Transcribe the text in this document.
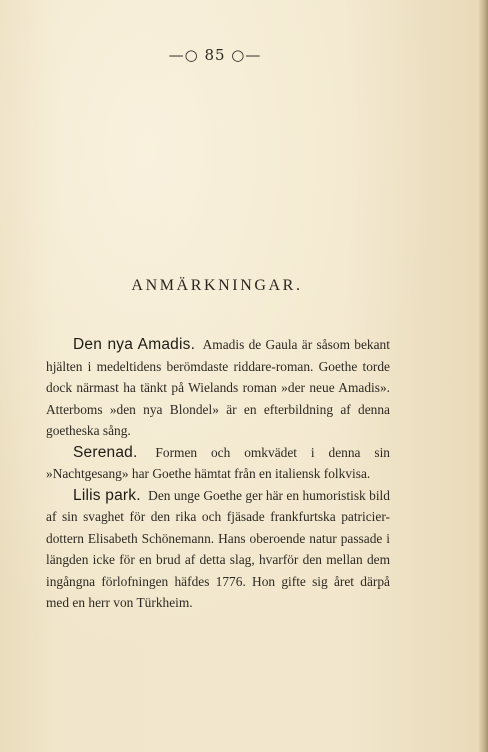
—○ 85 ○—
ANMÄRKNINGAR.

Den nya Amadis. Amadis de Gaula är såsom bekant hjälten i medeltidens berömdaste riddare-roman. Goethe torde dock närmast ha tänkt på Wielands roman »der neue Amadis». Atterboms »den nya Blondel» är en efterbildning af denna goetheska sång.

Serenad. Formen och omkvädet i denna sin »Nachtgesang» har Goethe hämtat från en italiensk folkvisa.

Lilis park. Den unge Goethe ger här en humoristisk bild af sin svaghet för den rika och fjäsade frankfurtska patricier-dottern Elisabeth Schönemann. Hans oberoende natur passade i längden icke för en brud af detta slag, hvarför den mellan dem ingångna förlofningen häfdes 1776. Hon gifte sig året därpå med en herr von Türkheim.
